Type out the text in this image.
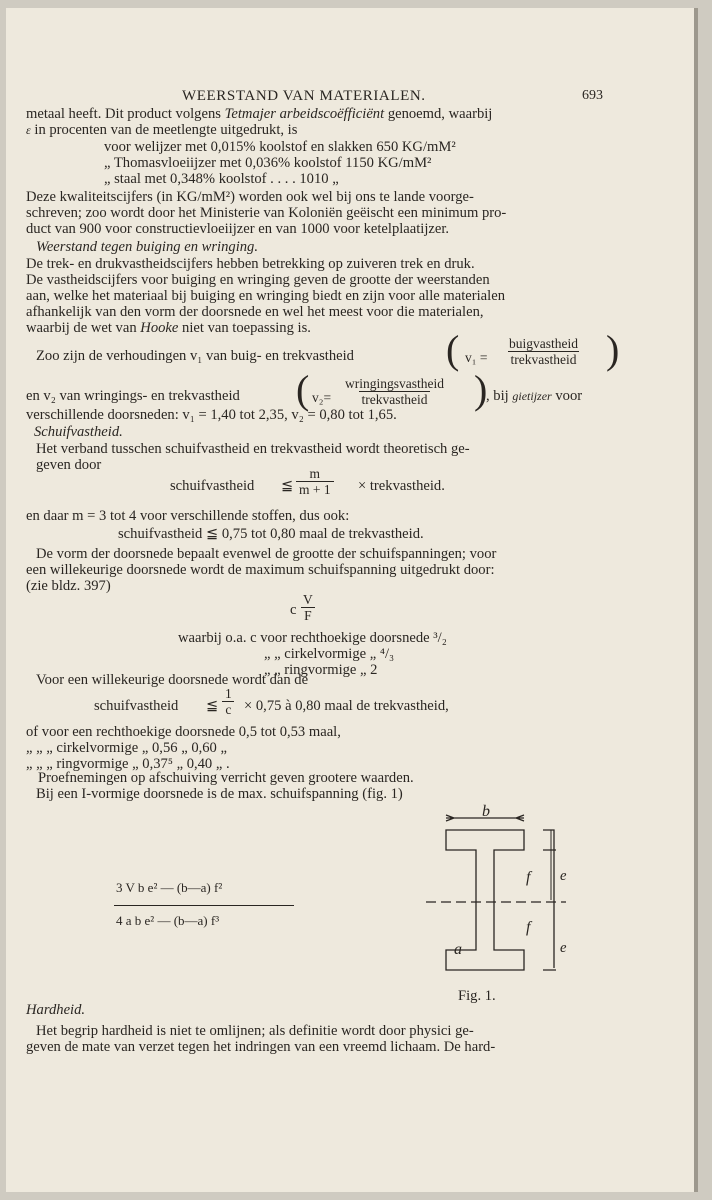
WEERSTAND VAN MATERIALEN.	693
metaal heeft. Dit product volgens Tetmajer arbeidscoëfficiënt genoemd, waarbij
ε in procenten van de meetlengte uitgedrukt, is
voor welijzer met 0,015% koolstof en slakken 650 KG/mM²
„ Thomasvloeiijzer met 0,036% koolstof 1150 KG/mM²
„ staal met 0,348% koolstof . . . . 1010 „
Deze kwaliteitscijfers (in KG/mM²) worden ook wel bij ons te lande voorge-
schreven; zoo wordt door het Ministerie van Koloniën geëischt een minimum pro-
duct van 900 voor constructievloeiijzer en van 1000 voor ketelplaatijzer.
Weerstand tegen buiging en wringing.
De trek- en drukvastheidscijfers hebben betrekking op zuiveren trek en druk.
De vastheidscijfers voor buiging en wringing geven de grootte der weerstanden
aan, welke het materiaal bij buiging en wringing biedt en zijn voor alle materialen
afhankelijk van den vorm der doorsnede en wel het meest voor die materialen,
waarbij de wet van Hooke niet van toepassing is.
Zoo zijn de verhoudingen v₁ van buig- en trekvastheid ( v₁ =
buigvastheid
trekvastheid )
en v₂ van wringings- en trekvastheid ( v₂=
wringingsvastheid
trekvastheid )
, bij gietijzer voor
verschillende doorsneden: v₁ = 1,40 tot 2,35, v₂ = 0,80 tot 1,65.
Schuifvastheid.
Het verband tusschen schuifvastheid en trekvastheid wordt theoretisch ge-
geven door
schuifvastheid ≦ $\frac{m}{m + 1}$ × trekvastheid.
en daar m = 3 tot 4 voor verschillende stoffen, dus ook:
schuifvastheid ≦ 0,75 tot 0,80 maal de trekvastheid.
De vorm der doorsnede bepaalt evenwel de grootte der schuifspanningen; voor
een willekeurige doorsnede wordt de maximum schuifspanning uitgedrukt door:
(zie bldz. 397)
c $\frac{V}{F}$
waarbij o.a. c voor rechthoekige doorsnede ³/₂
„ „ cirkelvormige „ ⁴/₃
„ „ ringvormige „ 2
Voor een willekeurige doorsnede wordt dan de
schuifvastheid ≦ $\frac{1}{c} \times 0,75$ à 0,80 maal de trekvastheid,
of voor een rechthoekige doorsnede 0,5 tot 0,53 maal,
„ „ „ cirkelvormige „ 0,56 „ 0,60 „
„ „ „ ringvormige „ 0,37⁵ „ 0,40 „ .
Proefnemingen op afschuiving verricht geven grootere waarden.
Bij een I-vormige doorsnede is de max. schuifspanning (fig. 1)
3 V b e² — (b—a) f²
4 a b e² — (b—a) f³
b
e
f
f
e
a
Fig. 1.
Hardheid.
Het begrip hardheid is niet te omlijnen; als definitie wordt door physici ge-
geven de mate van verzet tegen het indringen van een vreemd lichaam. De hard-
